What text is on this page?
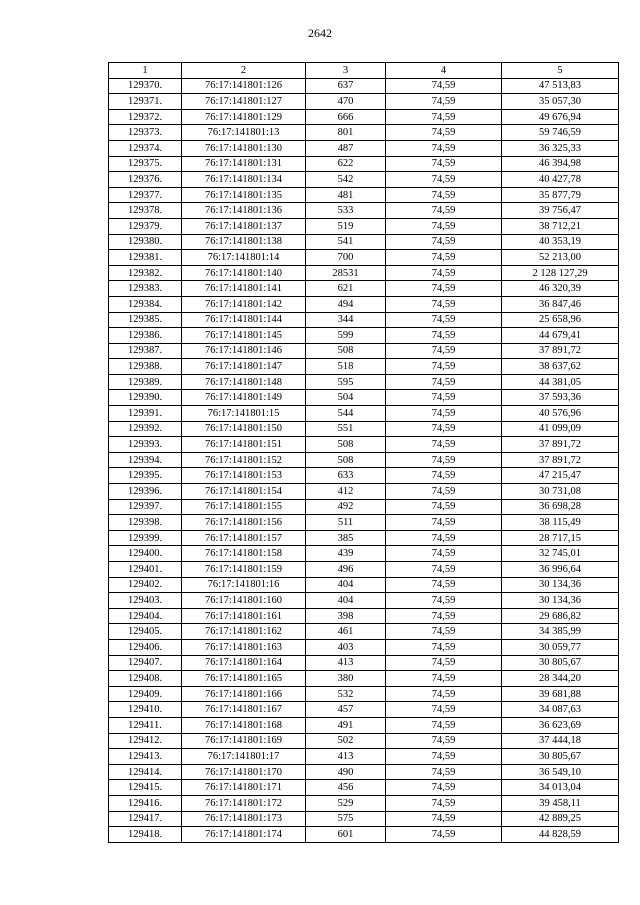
2642
1	2	3	4	5
129370.	76:17:141801:126	637	74,59	47 513,83
129371.	76:17:141801:127	470	74,59	35 057,30
129372.	76:17:141801:129	666	74,59	49 676,94
129373.	76:17:141801:13	801	74,59	59 746,59
129374.	76:17:141801:130	487	74,59	36 325,33
129375.	76:17:141801:131	622	74,59	46 394,98
129376.	76:17:141801:134	542	74,59	40 427,78
129377.	76:17:141801:135	481	74,59	35 877,79
129378.	76:17:141801:136	533	74,59	39 756,47
129379.	76:17:141801:137	519	74,59	38 712,21
129380.	76:17:141801:138	541	74,59	40 353,19
129381.	76:17:141801:14	700	74,59	52 213,00
129382.	76:17:141801:140	28531	74,59	2 128 127,29
129383.	76:17:141801:141	621	74,59	46 320,39
129384.	76:17:141801:142	494	74,59	36 847,46
129385.	76:17:141801:144	344	74,59	25 658,96
129386.	76:17:141801:145	599	74,59	44 679,41
129387.	76:17:141801:146	508	74,59	37 891,72
129388.	76:17:141801:147	518	74,59	38 637,62
129389.	76:17:141801:148	595	74,59	44 381,05
129390.	76:17:141801:149	504	74,59	37 593,36
129391.	76:17:141801:15	544	74,59	40 576,96
129392.	76:17:141801:150	551	74,59	41 099,09
129393.	76:17:141801:151	508	74,59	37 891,72
129394.	76:17:141801:152	508	74,59	37 891,72
129395.	76:17:141801:153	633	74,59	47 215,47
129396.	76:17:141801:154	412	74,59	30 731,08
129397.	76:17:141801:155	492	74,59	36 698,28
129398.	76:17:141801:156	511	74,59	38 115,49
129399.	76:17:141801:157	385	74,59	28 717,15
129400.	76:17:141801:158	439	74,59	32 745,01
129401.	76:17:141801:159	496	74,59	36 996,64
129402.	76:17:141801:16	404	74,59	30 134,36
129403.	76:17:141801:160	404	74,59	30 134,36
129404.	76:17:141801:161	398	74,59	29 686,82
129405.	76:17:141801:162	461	74,59	34 385,99
129406.	76:17:141801:163	403	74,59	30 059,77
129407.	76:17:141801:164	413	74,59	30 805,67
129408.	76:17:141801:165	380	74,59	28 344,20
129409.	76:17:141801:166	532	74,59	39 681,88
129410.	76:17:141801:167	457	74,59	34 087,63
129411.	76:17:141801:168	491	74,59	36 623,69
129412.	76:17:141801:169	502	74,59	37 444,18
129413.	76:17:141801:17	413	74,59	30 805,67
129414.	76:17:141801:170	490	74,59	36 549,10
129415.	76:17:141801:171	456	74,59	34 013,04
129416.	76:17:141801:172	529	74,59	39 458,11
129417.	76:17:141801:173	575	74,59	42 889,25
129418.	76:17:141801:174	601	74,59	44 828,59
